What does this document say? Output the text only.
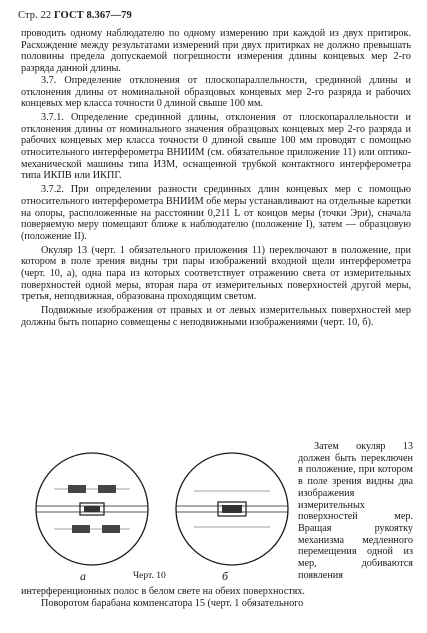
Стр. 22 ГОСТ 8.367—79

проводить одному наблюдателю по одному измерению при каждой из двух притирок. Расхождение между результатами измерений при двух притирках не должно превышать половины предела допускаемой погрешности измерения длины концевых мер 2-го разряда данной длины.

3.7. Определение отклонения от плоскопараллельности, срединной длины и отклонения длины от номинальной образцовых концевых мер 2-го разряда и рабочих концевых мер класса точности 0 длиной свыше 100 мм.

3.7.1. Определение срединной длины, отклонения от плоскопараллельности и отклонения длины от номинального значения образцовых концевых мер 2-го разряда и рабочих концевых мер класса точности 0 длиной свыше 100 мм проводят с помощью относительного интерферометра ВНИИМ (см. обязательное приложение 11) или оптико-механической машины типа ИЗМ, оснащенной трубкой контактного интерферометра типа ИКПВ или ИКПГ.

3.7.2. При определении разности срединных длин концевых мер с помощью относительного интерферометра ВНИИМ обе меры устанавливают на отдельные каретки на опоры, расположенные на расстоянии 0,211 L от концов меры (точки Эри), сначала поверяемую меру помещают ближе к наблюдателю (положение I), затем — образцовую (положение II).

Окуляр 13 (черт. 1 обязательного приложения 11) переключают в положение, при котором в поле зрения видны три пары изображений входной щели интерферометра (черт. 10, а), одна пара из которых соответствует отражению света от измерительных поверхностей одной меры, вторая пара от измерительных поверхностей другой меры, третья, неподвижная, образована проходящим светом.

Подвижные изображения от правых и от левых измерительных поверхностей мер должны быть попарно совмещены с неподвижными изображениями (черт. 10, б).

а	б
Черт. 10

Затем окуляр 13 должен быть переключен в положение, при котором в поле зрения видны два изображения измерительных поверхностей мер. Вращая рукоятку механизма медленного перемещения одной из мер, добиваются появления

интерференционных полос в белом свете на обеих поверхностях.

Поворотом барабана компенсатора 15 (черт. 1 обязательного
